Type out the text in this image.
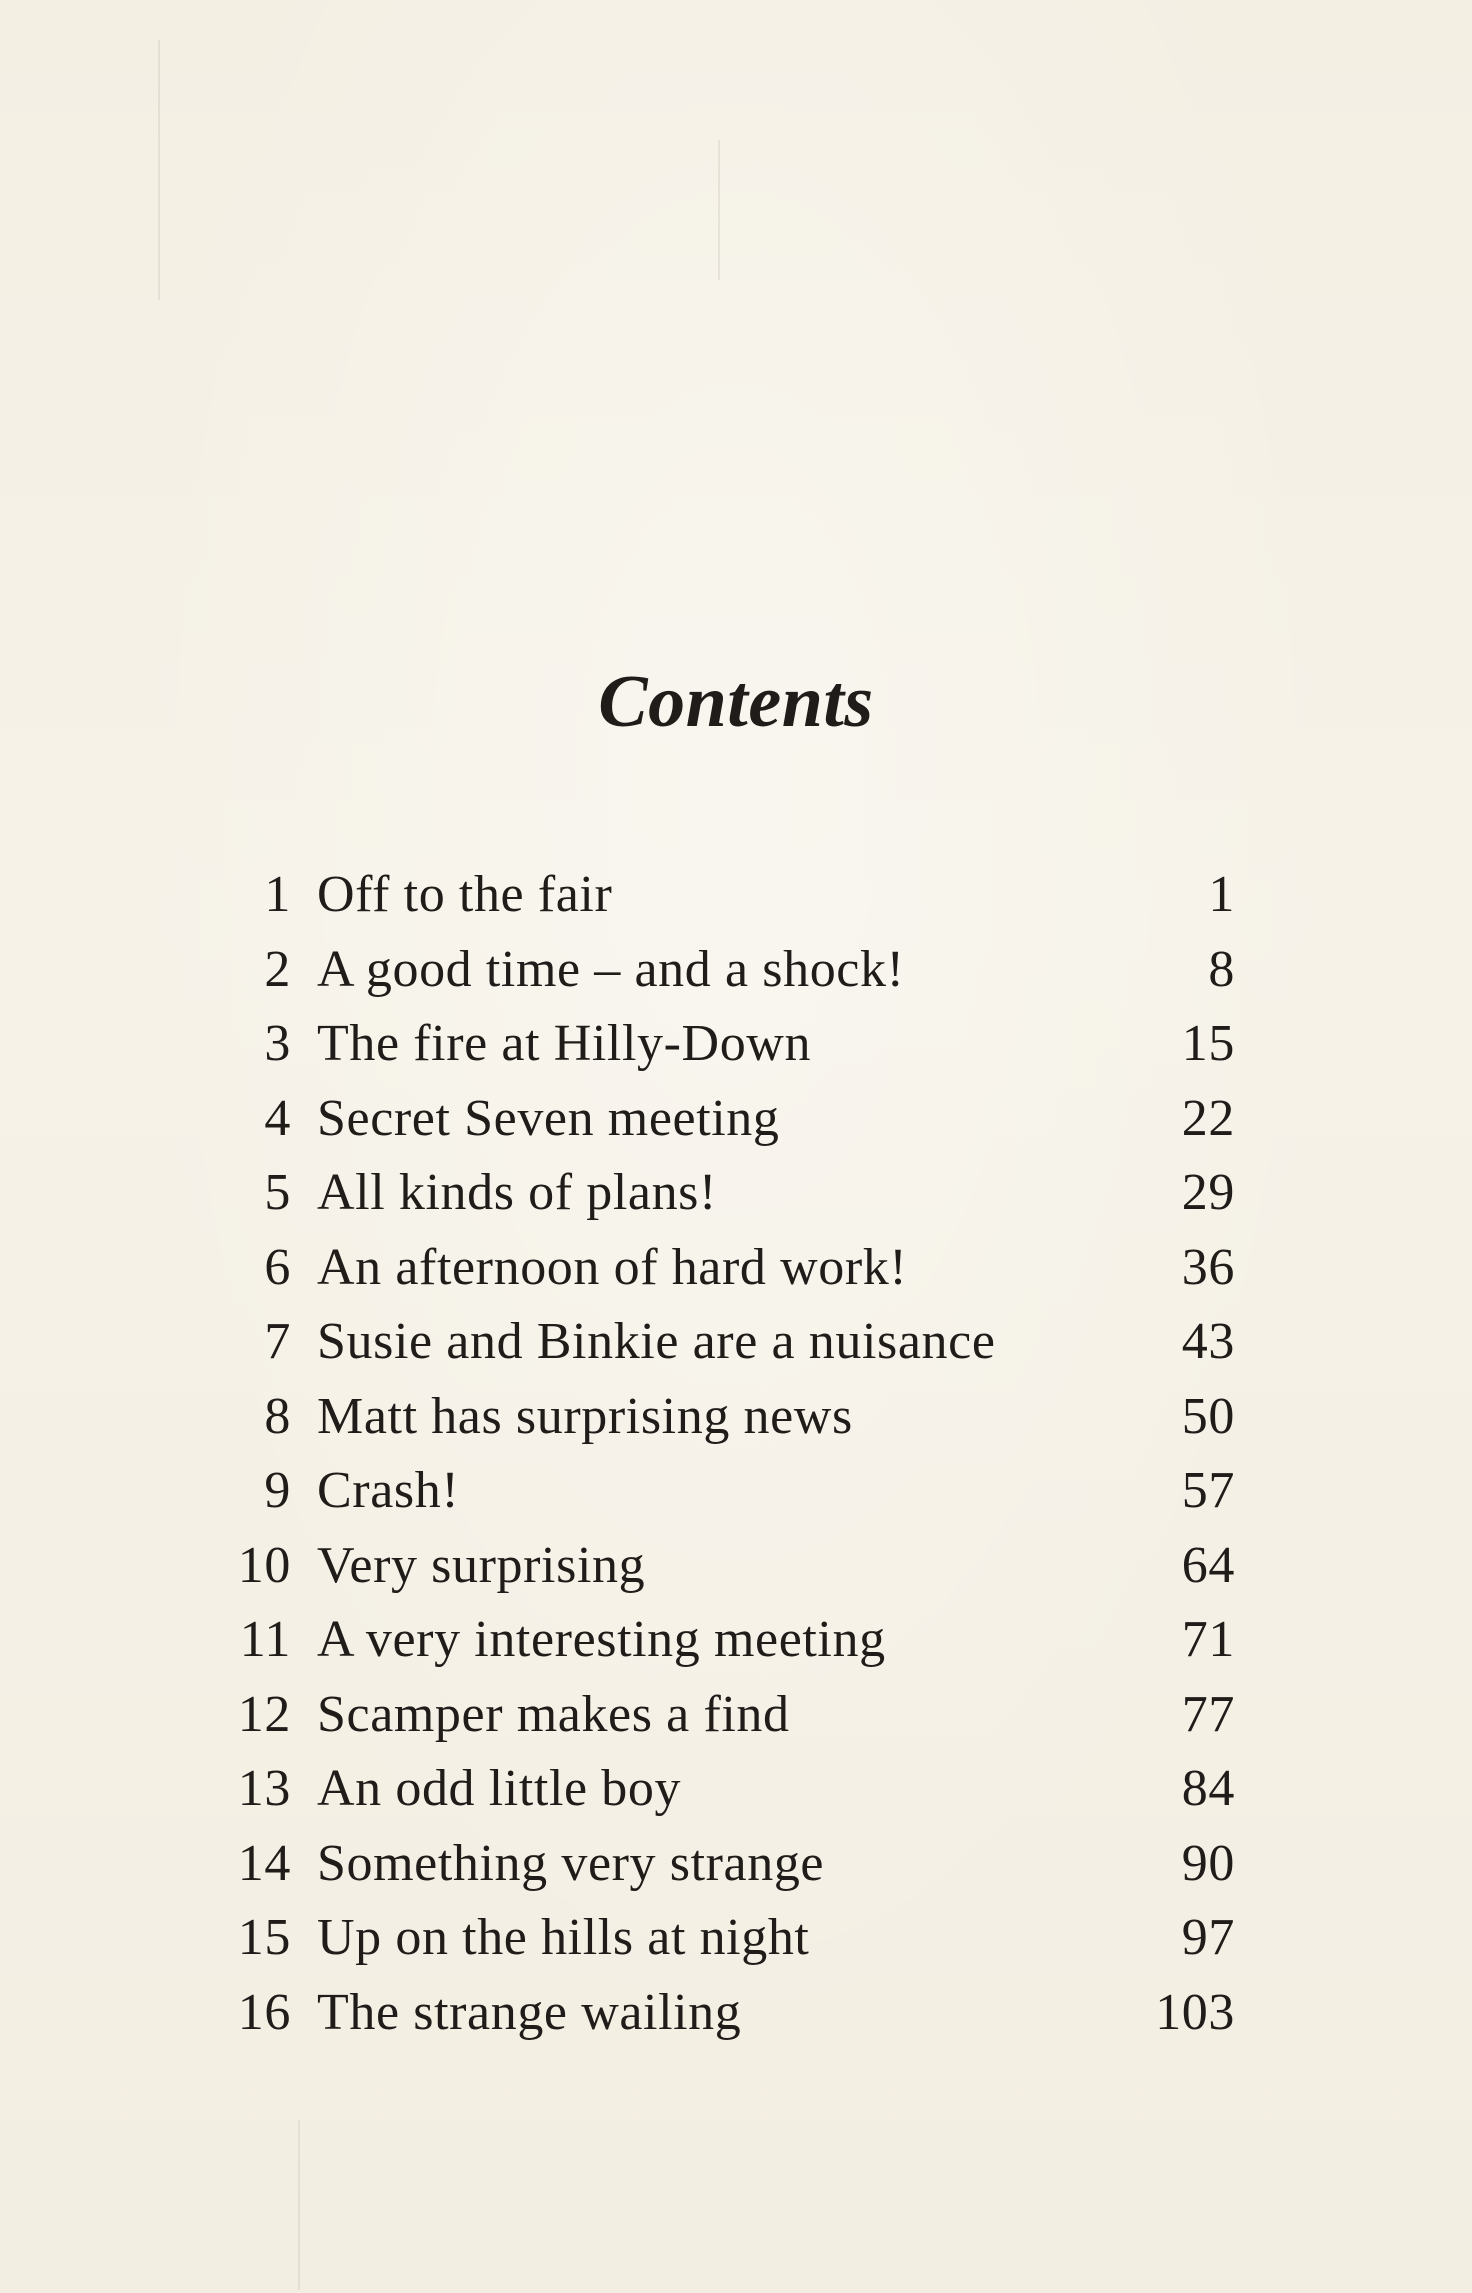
Contents
1 Off to the fair	1
2 A good time – and a shock!	8
3 The fire at Hilly-Down	15
4 Secret Seven meeting	22
5 All kinds of plans!	29
6 An afternoon of hard work!	36
7 Susie and Binkie are a nuisance	43
8 Matt has surprising news	50
9 Crash!	57
10 Very surprising	64
11 A very interesting meeting	71
12 Scamper makes a find	77
13 An odd little boy	84
14 Something very strange	90
15 Up on the hills at night	97
16 The strange wailing	103
